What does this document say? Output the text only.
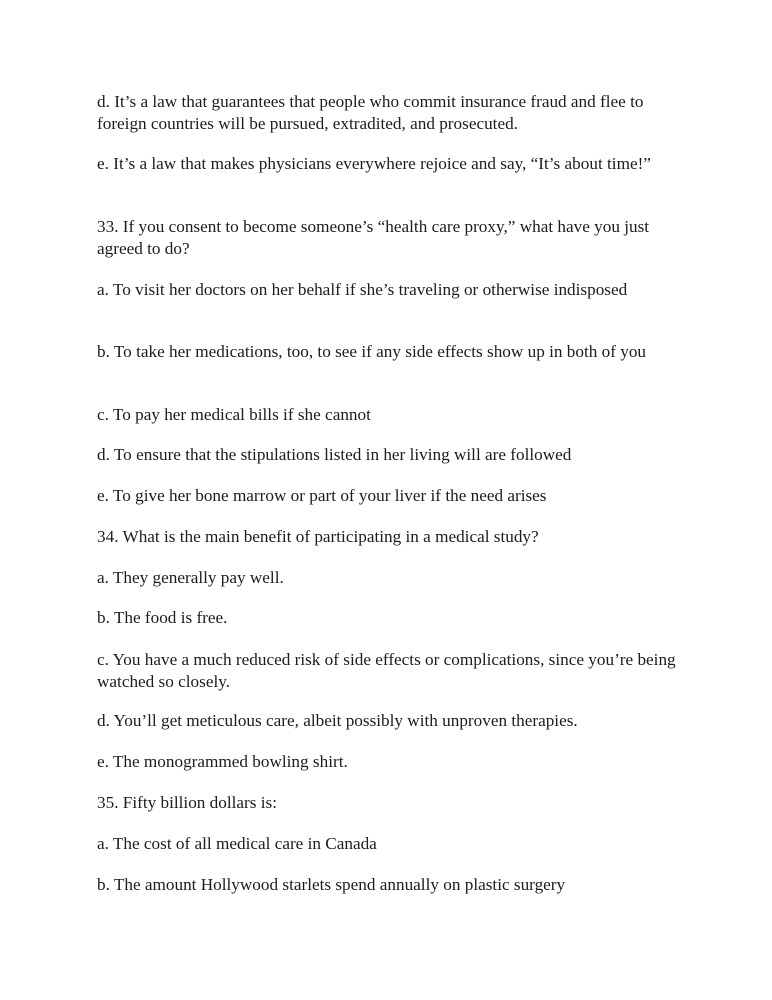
d. It’s a law that guarantees that people who commit insurance fraud and flee to foreign countries will be pursued, extradited, and prosecuted.

e. It’s a law that makes physicians everywhere rejoice and say, “It’s about time!”

33. If you consent to become someone’s “health care proxy,” what have you just agreed to do?

a. To visit her doctors on her behalf if she’s traveling or otherwise indisposed

b. To take her medications, too, to see if any side effects show up in both of you

c. To pay her medical bills if she cannot

d. To ensure that the stipulations listed in her living will are followed

e. To give her bone marrow or part of your liver if the need arises

34. What is the main benefit of participating in a medical study?

a. They generally pay well.

b. The food is free.

c. You have a much reduced risk of side effects or complications, since you’re being watched so closely.

d. You’ll get meticulous care, albeit possibly with unproven therapies.

e. The monogrammed bowling shirt.

35. Fifty billion dollars is:

a. The cost of all medical care in Canada

b. The amount Hollywood starlets spend annually on plastic surgery
